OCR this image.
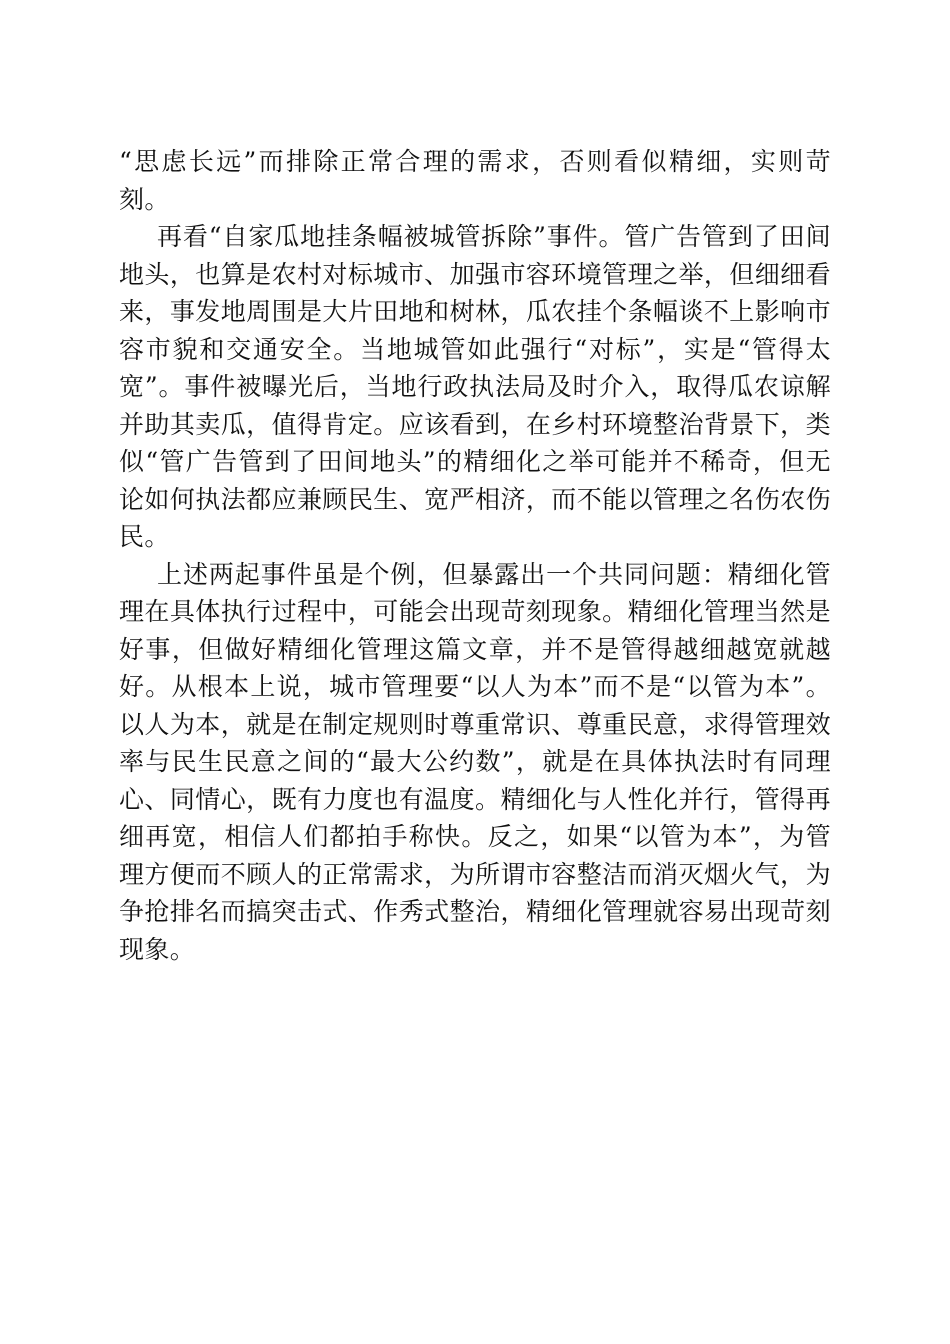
“思虑长远”而排除正常合理的需求，否则看似精细，实则苛刻。

再看“自家瓜地挂条幅被城管拆除”事件。管广告管到了田间地头，也算是农村对标城市、加强市容环境管理之举，但细细看来，事发地周围是大片田地和树林，瓜农挂个条幅谈不上影响市容市貌和交通安全。当地城管如此强行“对标”，实是“管得太宽”。事件被曝光后，当地行政执法局及时介入，取得瓜农谅解并助其卖瓜，值得肯定。应该看到，在乡村环境整治背景下，类似“管广告管到了田间地头”的精细化之举可能并不稀奇，但无论如何执法都应兼顾民生、宽严相济，而不能以管理之名伤农伤民。

上述两起事件虽是个例，但暴露出一个共同问题：精细化管理在具体执行过程中，可能会出现苛刻现象。精细化管理当然是好事，但做好精细化管理这篇文章，并不是管得越细越宽就越好。从根本上说，城市管理要“以人为本”而不是“以管为本”。以人为本，就是在制定规则时尊重常识、尊重民意，求得管理效率与民生民意之间的“最大公约数”，就是在具体执法时有同理心、同情心，既有力度也有温度。精细化与人性化并行，管得再细再宽，相信人们都拍手称快。反之，如果“以管为本”，为管理方便而不顾人的正常需求，为所谓市容整洁而消灭烟火气，为争抢排名而搞突击式、作秀式整治，精细化管理就容易出现苛刻现象。
